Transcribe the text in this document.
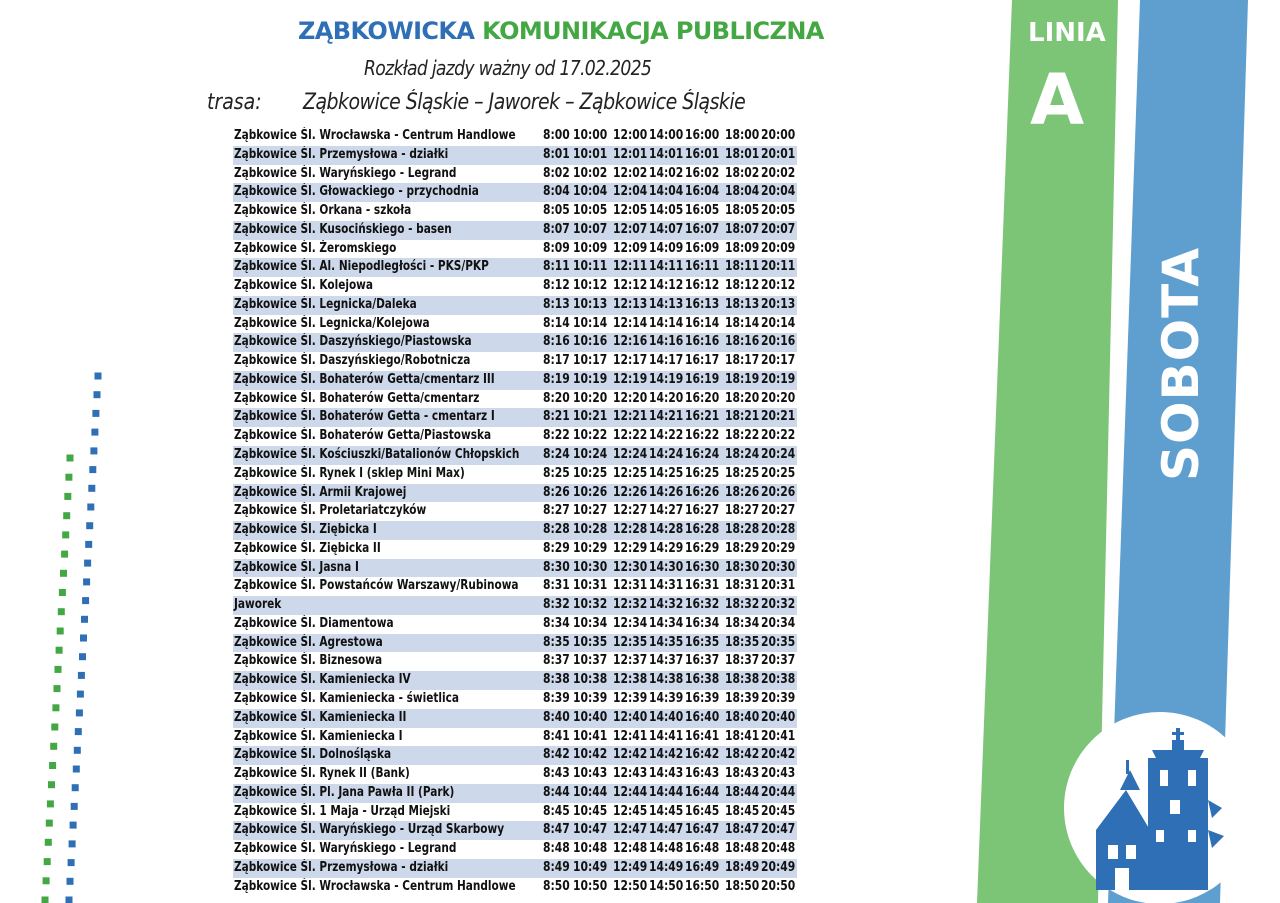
ZĄBKOWICKA KOMUNIKACJA PUBLICZNA
Rozkład jazdy ważny od 17.02.2025
trasa: Ząbkowice Śląskie – Jaworek – Ząbkowice Śląskie
LINIA
A
SOBOTA
Ząbkowice Śl. Wrocławska - Centrum Handlowe 8:00 10:00 12:00 14:00 16:00 18:00 20:00
Ząbkowice Śl. Przemysłowa - działki	8:01 10:01 12:01 14:01 16:01 18:01 20:01
Ząbkowice Śl. Waryńskiego - Legrand	8:02 10:02 12:02 14:02 16:02 18:02 20:02
Ząbkowice Śl. Głowackiego - przychodnia	8:04 10:04 12:04 14:04 16:04 18:04 20:04
Ząbkowice Śl. Orkana - szkoła	8:05 10:05 12:05 14:05 16:05 18:05 20:05
Ząbkowice Śl. Kusocińskiego - basen	8:07 10:07 12:07 14:07 16:07 18:07 20:07
Ząbkowice Śl. Żeromskiego	8:09 10:09 12:09 14:09 16:09 18:09 20:09
Ząbkowice Śl. Al. Niepodległości - PKS/PKP	8:11 10:11 12:11 14:11 16:11 18:11 20:11
Ząbkowice Śl. Kolejowa	8:12 10:12 12:12 14:12 16:12 18:12 20:12
Ząbkowice Śl. Legnicka/Daleka	8:13 10:13 12:13 14:13 16:13 18:13 20:13
Ząbkowice Śl. Legnicka/Kolejowa	8:14 10:14 12:14 14:14 16:14 18:14 20:14
Ząbkowice Śl. Daszyńskiego/Piastowska	8:16 10:16 12:16 14:16 16:16 18:16 20:16
Ząbkowice Śl. Daszyńskiego/Robotnicza	8:17 10:17 12:17 14:17 16:17 18:17 20:17
Ząbkowice Śl. Bohaterów Getta/cmentarz III	8:19 10:19 12:19 14:19 16:19 18:19 20:19
Ząbkowice Śl. Bohaterów Getta/cmentarz	8:20 10:20 12:20 14:20 16:20 18:20 20:20
Ząbkowice Śl. Bohaterów Getta - cmentarz I	8:21 10:21 12:21 14:21 16:21 18:21 20:21
Ząbkowice Śl. Bohaterów Getta/Piastowska	8:22 10:22 12:22 14:22 16:22 18:22 20:22
Ząbkowice Śl. Kościuszki/Batalionów Chłopskich 8:24 10:24 12:24 14:24 16:24 18:24 20:24
Ząbkowice Śl. Rynek I (sklep Mini Max)	8:25 10:25 12:25 14:25 16:25 18:25 20:25
Ząbkowice Śl. Armii Krajowej	8:26 10:26 12:26 14:26 16:26 18:26 20:26
Ząbkowice Śl. Proletariatczyków	8:27 10:27 12:27 14:27 16:27 18:27 20:27
Ząbkowice Śl. Ziębicka I	8:28 10:28 12:28 14:28 16:28 18:28 20:28
Ząbkowice Śl. Ziębicka II	8:29 10:29 12:29 14:29 16:29 18:29 20:29
Ząbkowice Śl. Jasna I	8:30 10:30 12:30 14:30 16:30 18:30 20:30
Ząbkowice Śl. Powstańców Warszawy/Rubinowa 8:31 10:31 12:31 14:31 16:31 18:31 20:31
Jaworek	8:32 10:32 12:32 14:32 16:32 18:32 20:32
Ząbkowice Śl. Diamentowa	8:34 10:34 12:34 14:34 16:34 18:34 20:34
Ząbkowice Śl. Agrestowa	8:35 10:35 12:35 14:35 16:35 18:35 20:35
Ząbkowice Śl. Biznesowa	8:37 10:37 12:37 14:37 16:37 18:37 20:37
Ząbkowice Śl. Kamieniecka IV	8:38 10:38 12:38 14:38 16:38 18:38 20:38
Ząbkowice Śl. Kamieniecka - świetlica	8:39 10:39 12:39 14:39 16:39 18:39 20:39
Ząbkowice Śl. Kamieniecka II	8:40 10:40 12:40 14:40 16:40 18:40 20:40
Ząbkowice Śl. Kamieniecka I	8:41 10:41 12:41 14:41 16:41 18:41 20:41
Ząbkowice Śl. Dolnośląska	8:42 10:42 12:42 14:42 16:42 18:42 20:42
Ząbkowice Śl. Rynek II (Bank)	8:43 10:43 12:43 14:43 16:43 18:43 20:43
Ząbkowice Śl. Pl. Jana Pawła II (Park)	8:44 10:44 12:44 14:44 16:44 18:44 20:44
Ząbkowice Śl. 1 Maja - Urząd Miejski	8:45 10:45 12:45 14:45 16:45 18:45 20:45
Ząbkowice Śl. Waryńskiego - Urząd Skarbowy	8:47 10:47 12:47 14:47 16:47 18:47 20:47
Ząbkowice Śl. Waryńskiego - Legrand	8:48 10:48 12:48 14:48 16:48 18:48 20:48
Ząbkowice Śl. Przemysłowa - działki	8:49 10:49 12:49 14:49 16:49 18:49 20:49
Ząbkowice Śl. Wrocławska - Centrum Handlowe 8:50 10:50 12:50 14:50 16:50 18:50 20:50
